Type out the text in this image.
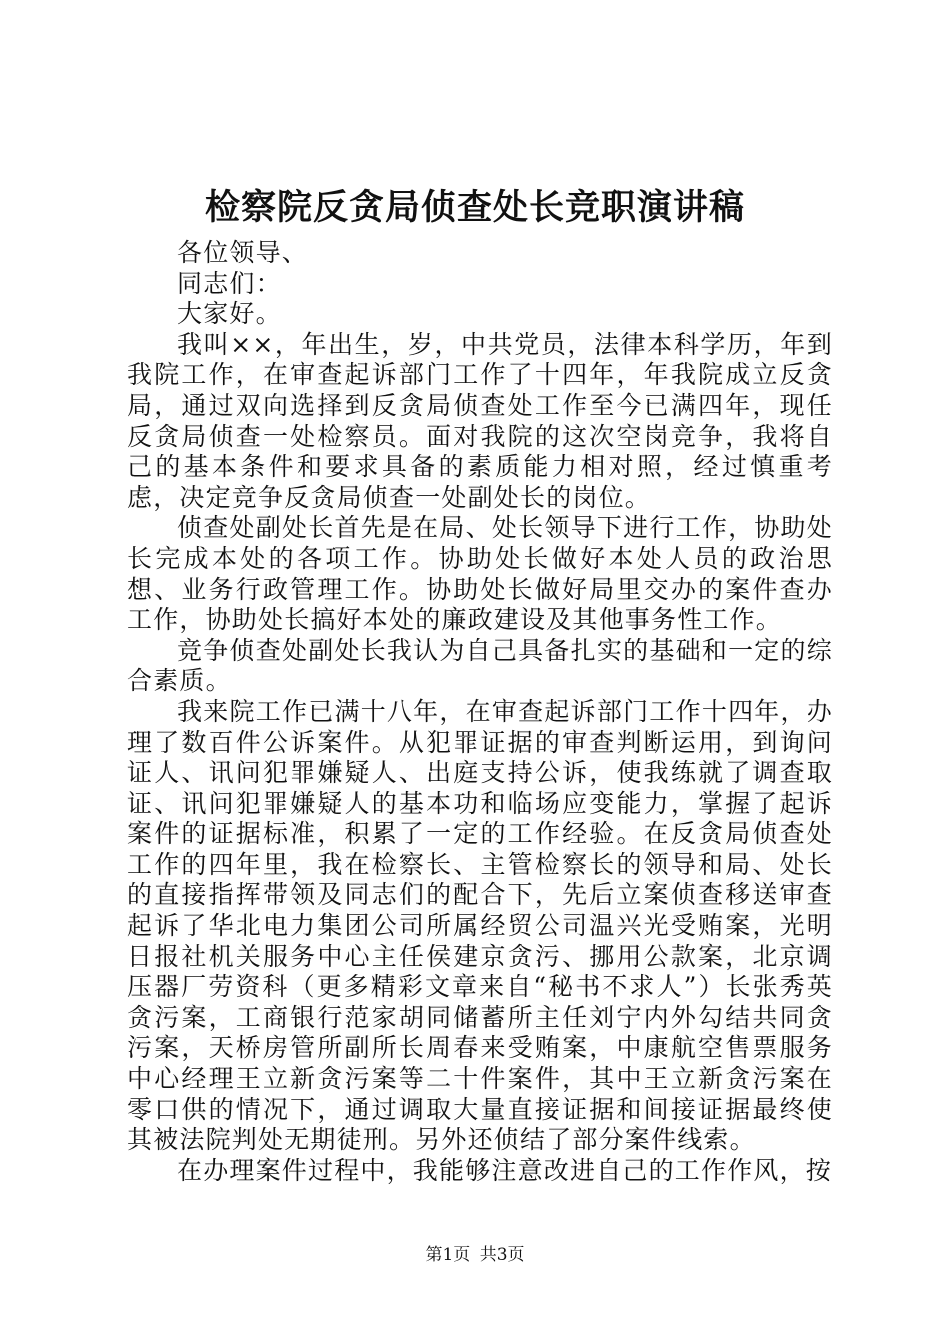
检察院反贪局侦查处长竞职演讲稿

各位领导、

同志们：

大家好。

我叫××，年出生，岁，中共党员，法律本科学历，年到我院工作，在审查起诉部门工作了十四年，年我院成立反贪局，通过双向选择到反贪局侦查处工作至今已满四年，现任反贪局侦查一处检察员。面对我院的这次空岗竞争，我将自己的基本条件和要求具备的素质能力相对照，经过慎重考虑，决定竞争反贪局侦查一处副处长的岗位。

侦查处副处长首先是在局、处长领导下进行工作，协助处长完成本处的各项工作。协助处长做好本处人员的政治思想、业务行政管理工作。协助处长做好局里交办的案件查办工作，协助处长搞好本处的廉政建设及其他事务性工作。

竞争侦查处副处长我认为自己具备扎实的基础和一定的综合素质。

我来院工作已满十八年，在审查起诉部门工作十四年，办理了数百件公诉案件。从犯罪证据的审查判断运用，到询问证人、讯问犯罪嫌疑人、出庭支持公诉，使我练就了调查取证、讯问犯罪嫌疑人的基本功和临场应变能力，掌握了起诉案件的证据标准，积累了一定的工作经验。在反贪局侦查处工作的四年里，我在检察长、主管检察长的领导和局、处长的直接指挥带领及同志们的配合下，先后立案侦查移送审查起诉了华北电力集团公司所属经贸公司温兴光受贿案，光明日报社机关服务中心主任侯建京贪污、挪用公款案，北京调压器厂劳资科（更多精彩文章来自“秘书不求人”）长张秀英贪污案，工商银行范家胡同储蓄所主任刘宁内外勾结共同贪污案，天桥房管所副所长周春来受贿案，中康航空售票服务中心经理王立新贪污案等二十件案件，其中王立新贪污案在零口供的情况下，通过调取大量直接证据和间接证据最终使其被法院判处无期徒刑。另外还侦结了部分案件线索。

在办理案件过程中，我能够注意改进自己的工作作风，按

第1页 共3页
